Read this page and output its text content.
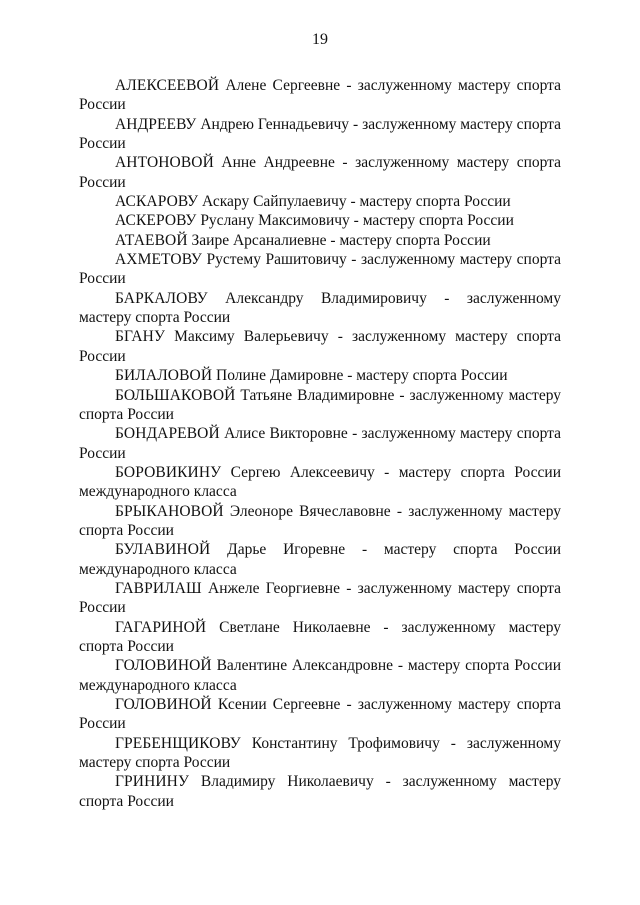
19

АЛЕКСЕЕВОЙ Алене Сергеевне - заслуженному мастеру спорта России

АНДРЕЕВУ Андрею Геннадьевичу - заслуженному мастеру спорта России

АНТОНОВОЙ Анне Андреевне - заслуженному мастеру спорта России

АСКАРОВУ Аскару Сайпулаевичу - мастеру спорта России

АСКЕРОВУ Руслану Максимовичу - мастеру спорта России

АТАЕВОЙ Заире Арсаналиевне - мастеру спорта России

АХМЕТОВУ Рустему Рашитовичу - заслуженному мастеру спорта России

БАРКАЛОВУ Александру Владимировичу - заслуженному мастеру спорта России

БГАНУ Максиму Валерьевичу - заслуженному мастеру спорта России

БИЛАЛОВОЙ Полине Дамировне - мастеру спорта России

БОЛЬШАКОВОЙ Татьяне Владимировне - заслуженному мастеру спорта России

БОНДАРЕВОЙ Алисе Викторовне - заслуженному мастеру спорта России

БОРОВИКИНУ Сергею Алексеевичу - мастеру спорта России международного класса

БРЫКАНОВОЙ Элеоноре Вячеславовне - заслуженному мастеру спорта России

БУЛАВИНОЙ Дарье Игоревне - мастеру спорта России международного класса

ГАВРИЛАШ Анжеле Георгиевне - заслуженному мастеру спорта России

ГАГАРИНОЙ Светлане Николаевне - заслуженному мастеру спорта России

ГОЛОВИНОЙ Валентине Александровне - мастеру спорта России международного класса

ГОЛОВИНОЙ Ксении Сергеевне - заслуженному мастеру спорта России

ГРЕБЕНЩИКОВУ Константину Трофимовичу - заслуженному мастеру спорта России

ГРИНИНУ Владимиру Николаевичу - заслуженному мастеру спорта России
